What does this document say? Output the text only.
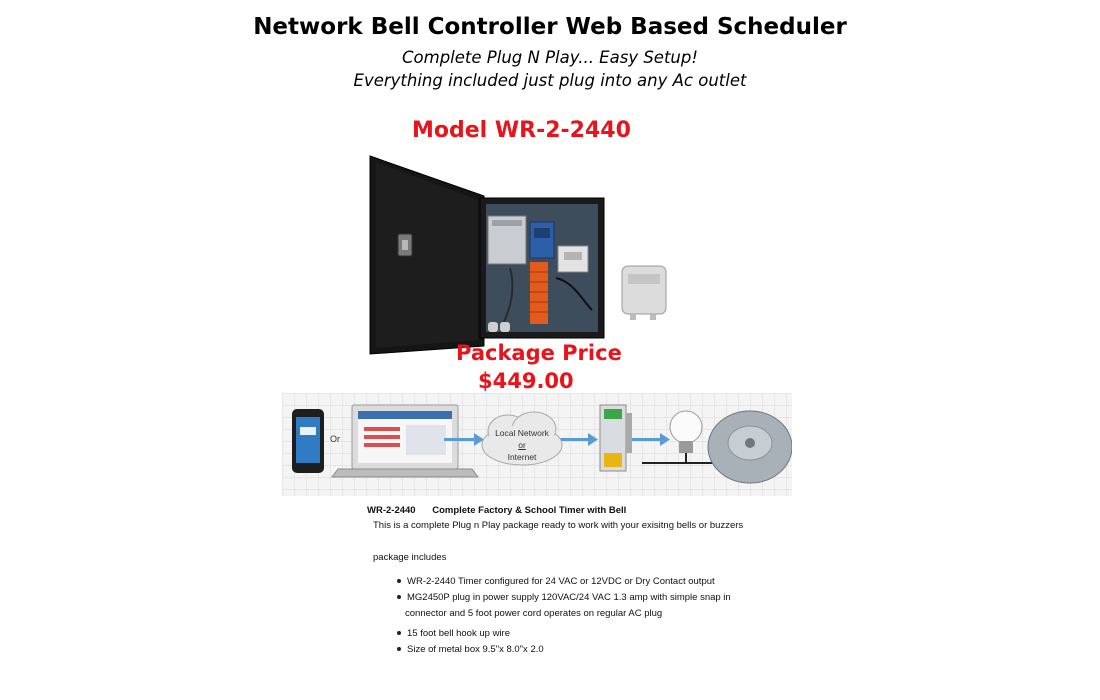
Network Bell Controller Web Based Scheduler
Complete Plug N Play... Easy Setup!
Everything included just plug into any Ac outlet
Model WR-2-2440
Package Price
$449.00
Or
Local Network
or
Internet
WR-2-2440 Complete Factory & School Timer with Bell
This is a complete Plug n Play package ready to work with your exisitng bells or buzzers
package includes
WR-2-2440 Timer configured for 24 VAC or 12VDC or Dry Contact output
MG2450P plug in power supply 120VAC/24 VAC 1.3 amp with simple snap in
connector and 5 foot power cord operates on regular AC plug
15 foot bell hook up wire
Size of metal box 9.5"x 8.0"x 2.0
